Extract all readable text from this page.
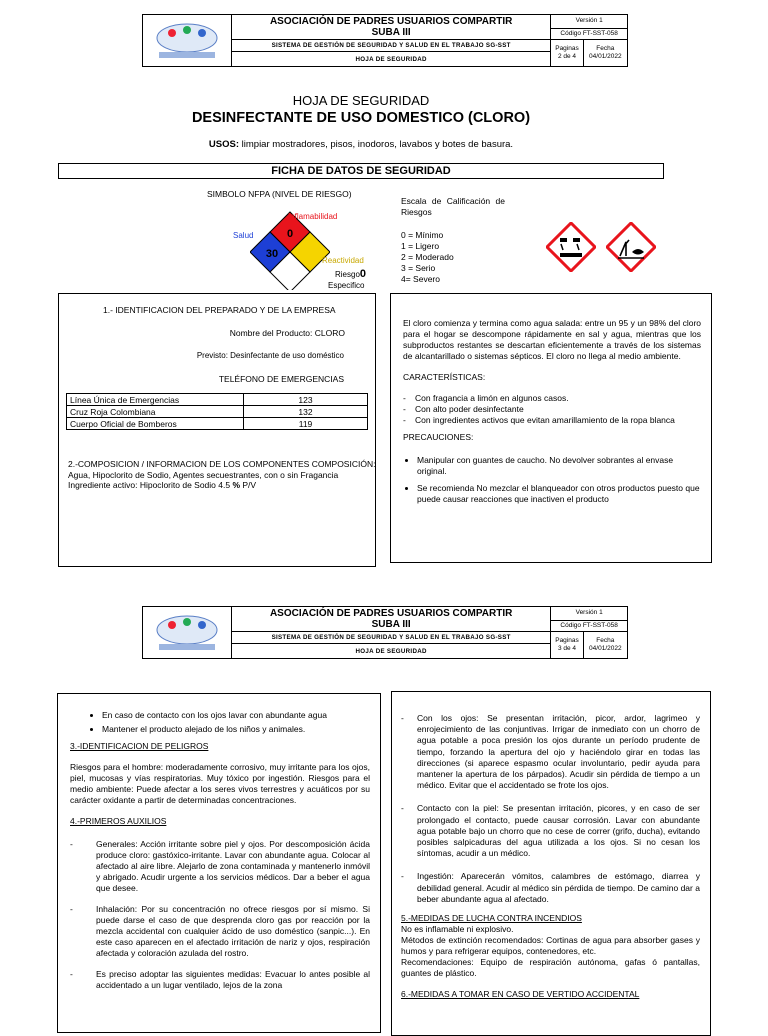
	ASOCIACIÓN DE PADRES USUARIOS COMPARTIR
SUBA III	Versión 1	
		Código FT-SST-058	
	SISTEMA DE GESTIÓN DE SEGURIDAD Y SALUD EN EL TRABAJO SG-SST	Paginas
2 de 4	Fecha
04/01/2022
	HOJA DE SEGURIDAD		
HOJA DE SEGURIDAD
DESINFECTANTE DE USO DOMESTICO (CLORO)
USOS: limpiar mostradores, pisos, inodoros, lavabos y botes de basura.
FICHA DE DATOS DE SEGURIDAD
SIMBOLO NFPA (NIVEL DE RIESGO)
0
30
Inflamabilidad
Salud
Reactividad
Riesgo0
Especifico
Escala de Calificación de Riesgos
0 = Mínimo
1 = Ligero
2 = Moderado
3 = Serio
4= Severo
1.- IDENTIFICACION DEL PREPARADO Y DE LA EMPRESA
Nombre del Producto: CLORO
Previsto: Desinfectante de uso doméstico
TELÉFONO DE EMERGENCIAS
Línea Única de Emergencias	123
Cruz Roja Colombiana	132
Cuerpo Oficial de Bomberos	119
2.-COMPOSICION / INFORMACION DE LOS COMPONENTES COMPOSICIÓN:
Agua, Hipoclorito de Sodio, Agentes secuestrantes, con o sin Fragancia
Ingrediente activo: Hipoclorito de Sodio 4.5 % P/V
El cloro comienza y termina como agua salada: entre un 95 y un 98% del cloro para el hogar se descompone rápidamente en sal y agua, mientras que los subproductos restantes se descartan eficientemente a través de los sistemas de alcantarillado o sistemas sépticos. El cloro no llega al medio ambiente.
CARACTERÍSTICAS:
- Con fragancia a limón en algunos casos.
- Con alto poder desinfectante
- Con ingredientes activos que evitan amarillamiento de la ropa blanca
PRECAUCIONES:
• Manipular con guantes de caucho. No devolver sobrantes al envase original.
• Se recomienda No mezclar el blanqueador con otros productos puesto que puede causar reacciones que inactiven el producto
	ASOCIACIÓN DE PADRES USUARIOS COMPARTIR
SUBA III	Versión 1	
		Código FT-SST-058	
	SISTEMA DE GESTIÓN DE SEGURIDAD Y SALUD EN EL TRABAJO SG-SST	Paginas
3 de 4	Fecha
04/01/2022
	HOJA DE SEGURIDAD		
• En caso de contacto con los ojos lavar con abundante agua
• Mantener el producto alejado de los niños y animales.
3.-IDENTIFICACION DE PELIGROS
Riesgos para el hombre: moderadamente corrosivo, muy irritante para los ojos, piel, mucosas y vías respiratorias. Muy tóxico por ingestión. Riesgos para el medio ambiente: Puede afectar a los seres vivos terrestres y acuáticos por su carácter oxidante a partir de determinadas concentraciones.
4.-PRIMEROS AUXILIOS
- Generales: Acción irritante sobre piel y ojos. Por descomposición ácida produce cloro: gastóxico-irritante. Lavar con abundante agua. Colocar al afectado al aire libre. Alejarlo de zona contaminada y mantenerlo inmóvil y abrigado. Acudir urgente a los servicios médicos. Dar a beber el agua que desee.
- Inhalación: Por su concentración no ofrece riesgos por sí mismo. Si puede darse el caso de que desprenda cloro gas por reacción por la mezcla accidental con cualquier ácido de uso doméstico (sanpic...). En este caso aparecen en el afectado irritación de nariz y ojos, respiración afectada y coloración azulada del rostro.
- Es preciso adoptar las siguientes medidas: Evacuar lo antes posible al accidentado a un lugar ventilado, lejos de la zona
- Con los ojos: Se presentan irritación, picor, ardor, lagrimeo y enrojecimiento de las conjuntivas. Irrigar de inmediato con un chorro de agua potable a poca presión los ojos durante un período prudente de tiempo, forzando la apertura del ojo y haciéndolo girar en todas las direcciones (si aparece espasmo ocular involuntario, pedir ayuda para mantener la apertura de los párpados). Acudir sin pérdida de tiempo a un médico. Evitar que el accidentado se frote los ojos.
- Contacto con la piel: Se presentan irritación, picores, y en caso de ser prolongado el contacto, puede causar corrosión. Lavar con abundante agua potable bajo un chorro que no cese de correr (grifo, ducha), evitando posibles salpicaduras del agua utilizada a los ojos. Si no cesan los síntomas, acudir a un médico.
- Ingestión: Aparecerán vómitos, calambres de estómago, diarrea y debilidad general. Acudir al médico sin pérdida de tiempo. De camino dar a beber abundante agua al afectado.
5.-MEDIDAS DE LUCHA CONTRA INCENDIOS
No es inflamable ni explosivo.
Métodos de extinción recomendados: Cortinas de agua para absorber gases y humos y para refrigerar equipos, contenedores, etc.
Recomendaciones: Equipo de respiración autónoma, gafas ó pantallas, guantes de plástico.
6.-MEDIDAS A TOMAR EN CASO DE VERTIDO ACCIDENTAL
